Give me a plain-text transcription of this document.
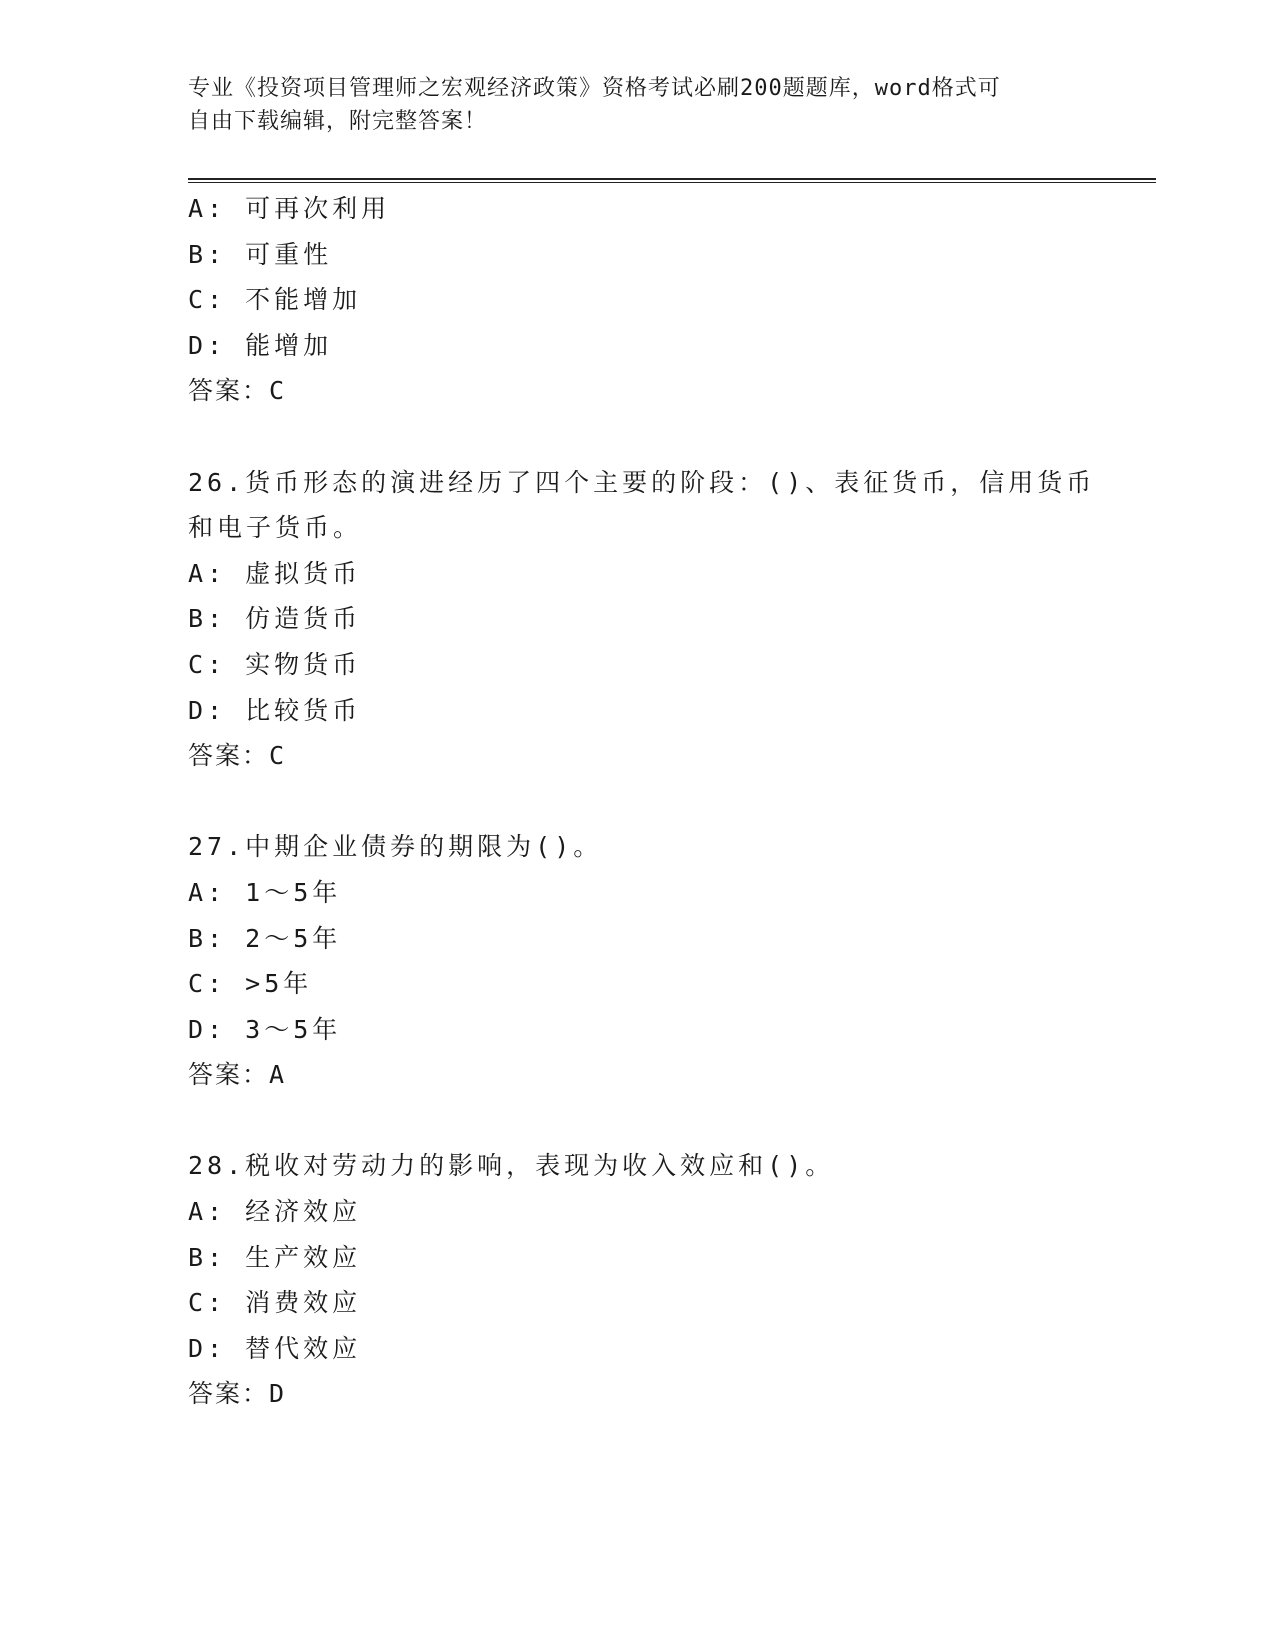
专业《投资项目管理师之宏观经济政策》资格考试必刷200题题库，word格式可
自由下载编辑，附完整答案！
A: 可再次利用
B: 可重性
C: 不能增加
D: 能增加
答案：C
26.货币形态的演进经历了四个主要的阶段：()、表征货币，信用货币
和电子货币。
A: 虚拟货币
B: 仿造货币
C: 实物货币
D: 比较货币
答案：C
27.中期企业债券的期限为()。
A: 1～5年
B: 2～5年
C: >5年
D: 3～5年
答案：A
28.税收对劳动力的影响，表现为收入效应和()。
A: 经济效应
B: 生产效应
C: 消费效应
D: 替代效应
答案：D
